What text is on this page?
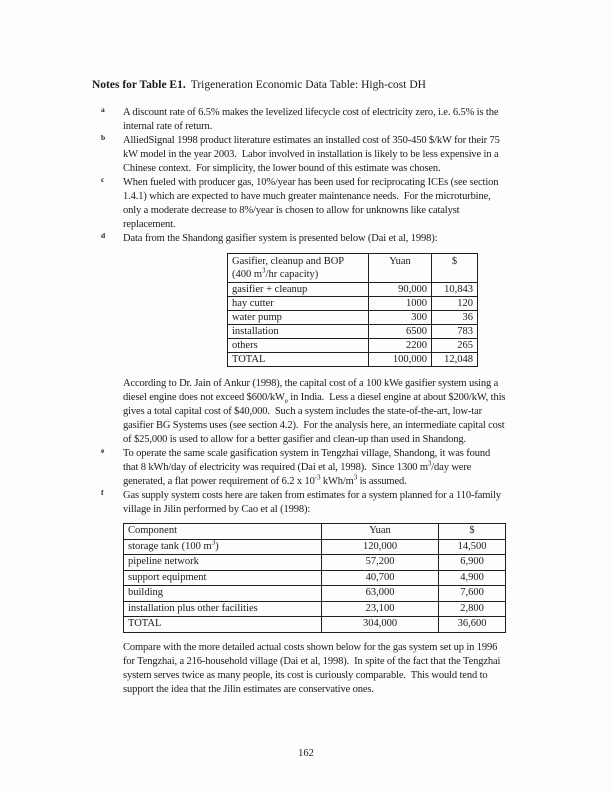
Notes for Table E1. Trigeneration Economic Data Table: High-cost DH
a A discount rate of 6.5% makes the levelized lifecycle cost of electricity zero, i.e. 6.5% is the
internal rate of return.
b AlliedSignal 1998 product literature estimates an installed cost of 350-450 $/kW for their 75
kW model in the year 2003.  Labor involved in installation is likely to be less expensive in a
Chinese context.  For simplicity, the lower bound of this estimate was chosen.
c When fueled with producer gas, 10%/year has been used for reciprocating ICEs (see section
1.4.1) which are expected to have much greater maintenance needs.  For the microturbine,
only a moderate decrease to 8%/year is chosen to allow for unknowns like catalyst
replacement.
d Data from the Shandong gasifier system is presented below (Dai et al, 1998):
Gasifier, cleanup and BOP
(400 $m^3/hr$ capacity)	Yuan	$
gasifier + cleanup	90,000	10,843
hay cutter	1000	120
water pump	300	36
installation	6500	783
others	2200	265
TOTAL	100,000	12,048
According to Dr. Jain of Ankur (1998), the capital cost of a 100 kWe gasifier system using a
diesel engine does not exceed $\$600/kW_e$ in India.  Less a diesel engine at about $200/kW, this
gives a total capital cost of $40,000.  Such a system includes the state-of-the-art, low-tar
gasifier BG Systems uses (see section 4.2).  For the analysis here, an intermediate capital cost
of $25,000 is used to allow for a better gasifier and clean-up than used in Shandong.
e To operate the same scale gasification system in Tengzhai village, Shandong, it was found
that 8 kWh/day of electricity was required (Dai et al, 1998).  Since 1300 $m^3$/day were
generated, a flat power requirement of 6.2 x $10^{-3}$ kWh/$m^3$ is assumed.
f Gas supply system costs here are taken from estimates for a system planned for a 110-family
village in Jilin performed by Cao et al (1998):
Component	Yuan	$
storage tank (100 $m^3$)	120,000	14,500
pipeline network	57,200	6,900
support equipment	40,700	4,900
building	63,000	7,600
installation plus other facilities	23,100	2,800
TOTAL	304,000	36,600
Compare with the more detailed actual costs shown below for the gas system set up in 1996
for Tengzhai, a 216-household village (Dai et al, 1998).  In spite of the fact that the Tengzhai
system serves twice as many people, its cost is curiously comparable.  This would tend to
support the idea that the Jilin estimates are conservative ones.
162
